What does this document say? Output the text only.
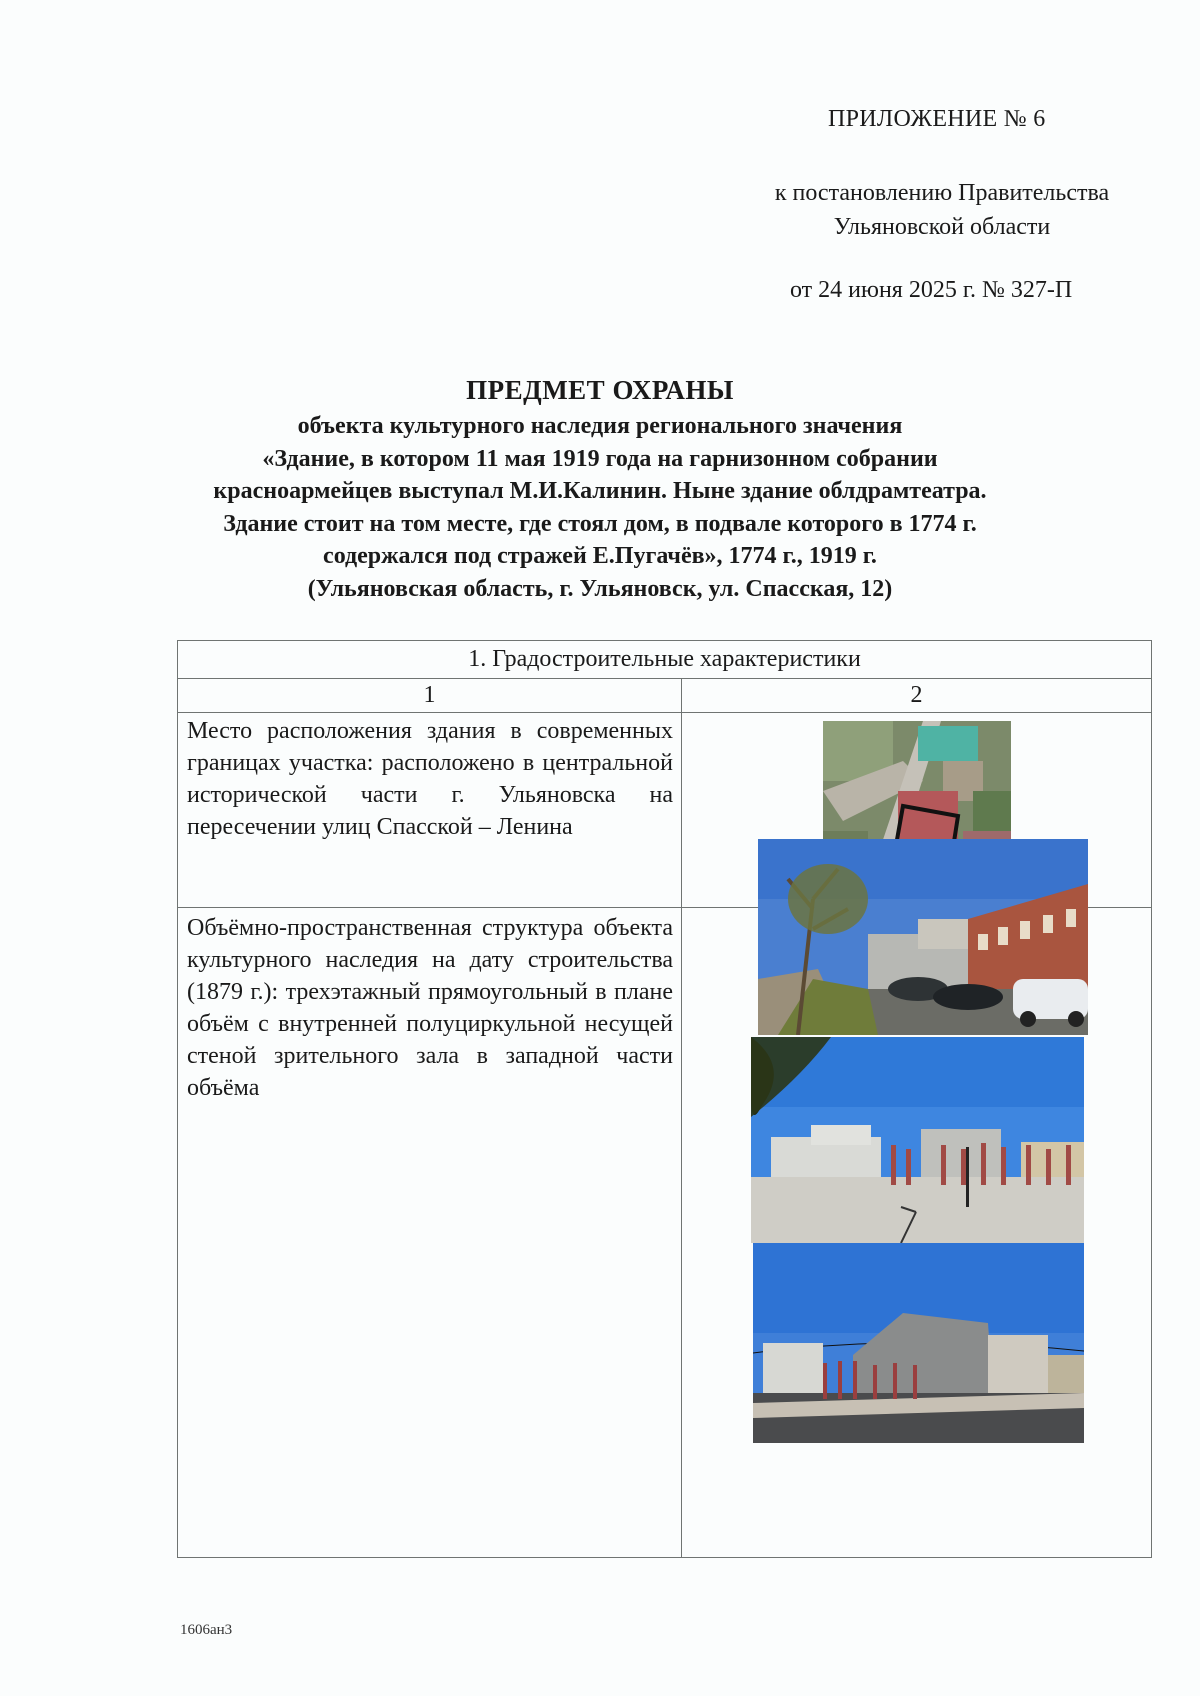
ПРИЛОЖЕНИЕ № 6
к постановлению Правительства
Ульяновской области
от 24 июня 2025 г. № 327-П
ПРЕДМЕТ ОХРАНЫ
объекта культурного наследия регионального значения
«Здание, в котором 11 мая 1919 года на гарнизонном собрании
красноармейцев выступал М.И.Калинин. Ныне здание облдрамтеатра.
Здание стоит на том месте, где стоял дом, в подвале которого в 1774 г.
содержался под стражей Е.Пугачёв», 1774 г., 1919 г.
(Ульяновская область, г. Ульяновск, ул. Спасская, 12)
1. Градостроительные характеристики
1	2
Место расположения здания в современных границах участка: расположено в центральной исторической части г. Ульяновска на пересечении улиц Спасской – Ленина
Объёмно-пространственная структура объекта культурного наследия на дату строительства (1879 г.): трехэтажный прямоугольный в плане объём с внутренней полуциркульной несущей стеной зрительного зала в западной части объёма
1606ан3
